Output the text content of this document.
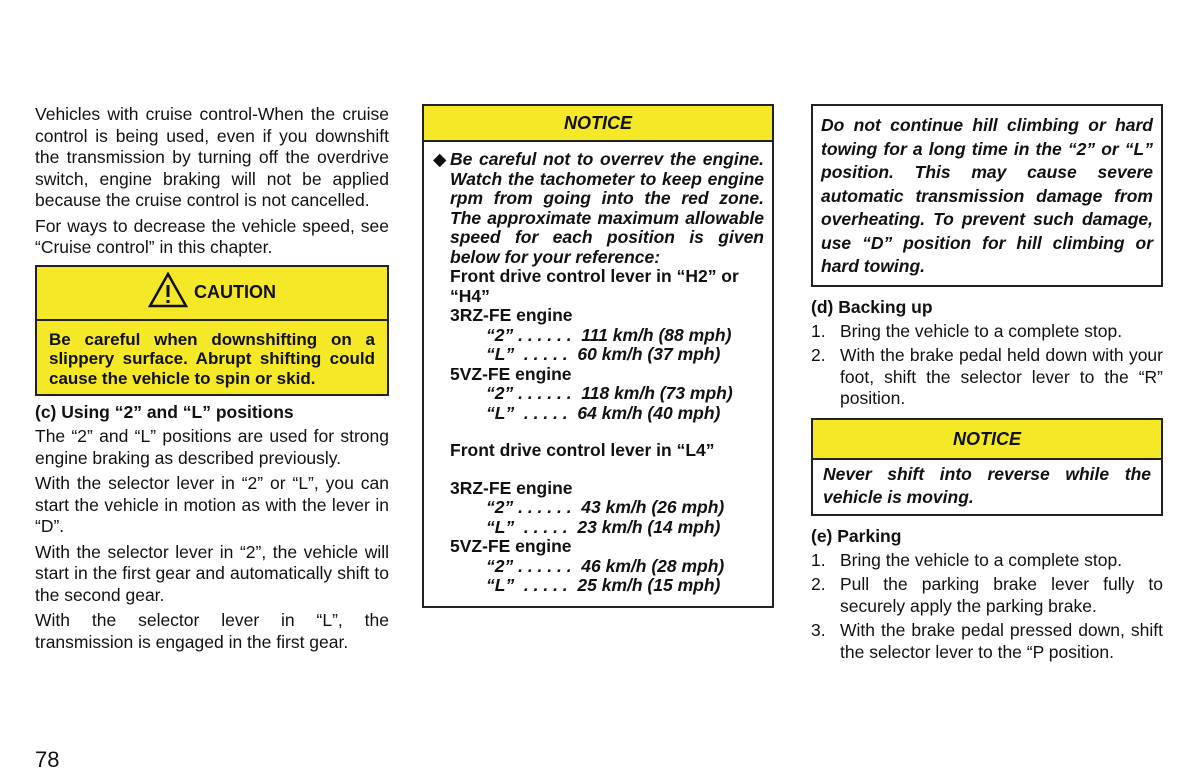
Vehicles with cruise control-When the cruise control is being used, even if you downshift the transmission by turning off the overdrive switch, engine braking will not be applied because the cruise control is not cancelled.

For ways to decrease the vehicle speed, see “Cruise control” in this chapter.

CAUTION
Be careful when downshifting on a slippery surface. Abrupt shifting could cause the vehicle to spin or skid.
(c) Using “2” and “L” positions

The “2” and “L” positions are used for strong engine braking as described previously.

With the selector lever in “2” or “L”, you can start the vehicle in motion as with the lever in “D”.

With the selector lever in “2”, the vehicle will start in the first gear and automatically shift to the second gear.

With the selector lever in “L”, the transmission is engaged in the first gear.

NOTICE
◆ Be careful not to overrev the engine. Watch the tachometer to keep engine rpm from going into the red zone. The approximate maximum allowable speed for each position is given below for your reference:
Front drive control lever in “H2” or “H4”
3RZ-FE engine
“2” . . . . . .  111 km/h (88 mph)
“L”  . . . . .  60 km/h (37 mph)
5VZ-FE engine
“2” . . . . . .  118 km/h (73 mph)
“L”  . . . . .  64 km/h (40 mph)
Front drive control lever in “L4”
3RZ-FE engine
“2” . . . . . .  43 km/h (26 mph)
“L”  . . . . .  23 km/h (14 mph)
5VZ-FE engine
“2” . . . . . .  46 km/h (28 mph)
“L”  . . . . .  25 km/h (15 mph)
Do not continue hill climbing or hard towing for a long time in the “2” or “L” position. This may cause severe automatic transmission damage from overheating. To prevent such damage, use “D” position for hill climbing or hard towing.
(d) Backing up
1. Bring the vehicle to a complete stop.
2. With the brake pedal held down with your foot, shift the selector lever to the “R” position.
NOTICE
Never shift into reverse while the vehicle is moving.
(e) Parking
1. Bring the vehicle to a complete stop.
2. Pull the parking brake lever fully to securely apply the parking brake.
3. With the brake pedal pressed down, shift the selector lever to the “P position.
78
